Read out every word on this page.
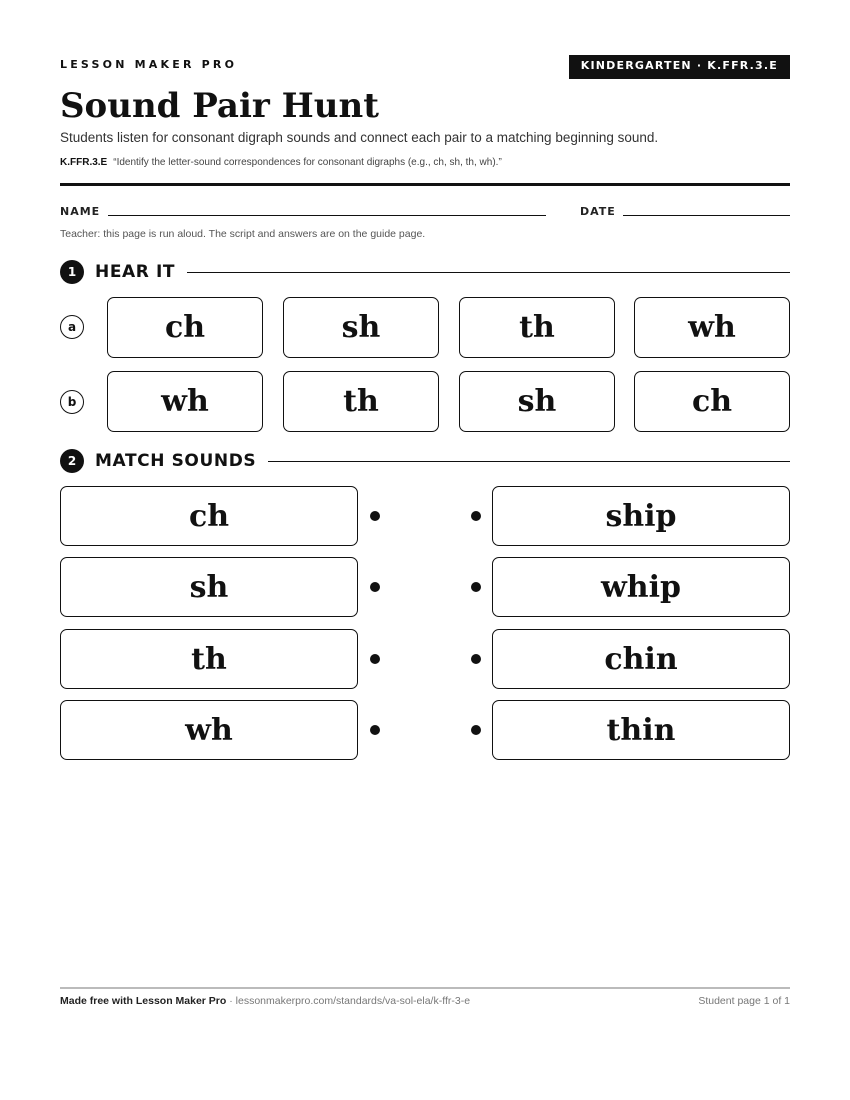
LESSON MAKER PRO	KINDERGARTEN · K.FFR.3.E
Sound Pair Hunt
Students listen for consonant digraph sounds and connect each pair to a matching beginning sound.
K.FFR.3.E “Identify the letter-sound correspondences for consonant digraphs (e.g., ch, sh, th, wh).”
NAME	DATE
Teacher: this page is run aloud. The script and answers are on the guide page.
1	HEAR IT
a	ch	sh	th	wh
b	wh	th	sh	ch
2	MATCH SOUNDS
ch	ship
sh	whip
th	chin
wh	thin
Made free with Lesson Maker Pro · lessonmakerpro.com/standards/va-sol-ela/k-ffr-3-e	Student page 1 of 1
